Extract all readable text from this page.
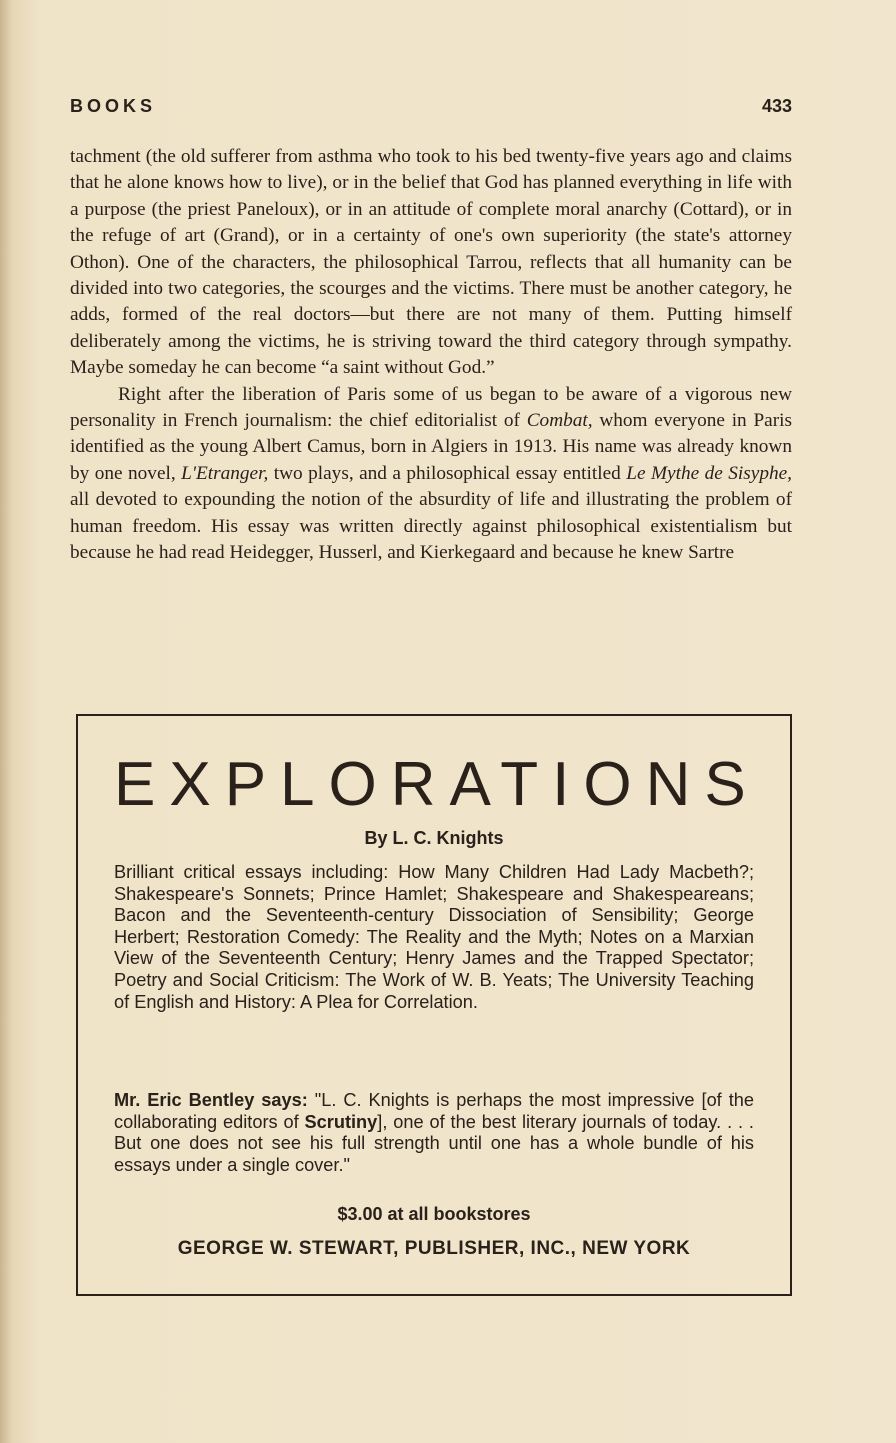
BOOKS	433

tachment (the old sufferer from asthma who took to his bed twenty-five years ago and claims that he alone knows how to live), or in the belief that God has planned everything in life with a purpose (the priest Paneloux), or in an attitude of complete moral anarchy (Cottard), or in the refuge of art (Grand), or in a certainty of one's own superiority (the state's attorney Othon). One of the characters, the philosophical Tarrou, reflects that all humanity can be divided into two categories, the scourges and the victims. There must be another category, he adds, formed of the real doctors—but there are not many of them. Putting himself deliberately among the victims, he is striving toward the third category through sympathy. Maybe someday he can become “a saint without God.”

Right after the liberation of Paris some of us began to be aware of a vigorous new personality in French journalism: the chief editorialist of Combat, whom everyone in Paris identified as the young Albert Camus, born in Algiers in 1913. His name was already known by one novel, L'Etranger, two plays, and a philosophical essay entitled Le Mythe de Sisyphe, all devoted to expounding the notion of the absurdity of life and illustrating the problem of human freedom. His essay was written directly against philosophical existentialism but because he had read Heidegger, Husserl, and Kierkegaard and because he knew Sartre

EXPLORATIONS
By L. C. Knights
Brilliant critical essays including: How Many Children Had Lady Macbeth?; Shakespeare's Sonnets; Prince Hamlet; Shakespeare and Shakespeareans; Bacon and the Seventeenth-century Dissociation of Sensibility; George Herbert; Restoration Comedy: The Reality and the Myth; Notes on a Marxian View of the Seventeenth Century; Henry James and the Trapped Spectator; Poetry and Social Criticism: The Work of W. B. Yeats; The University Teaching of English and History: A Plea for Correlation.
Mr. Eric Bentley says: "L. C. Knights is perhaps the most impressive [of the collaborating editors of Scrutiny], one of the best literary journals of today. . . . But one does not see his full strength until one has a whole bundle of his essays under a single cover."
$3.00 at all bookstores
GEORGE W. STEWART, PUBLISHER, INC., NEW YORK
